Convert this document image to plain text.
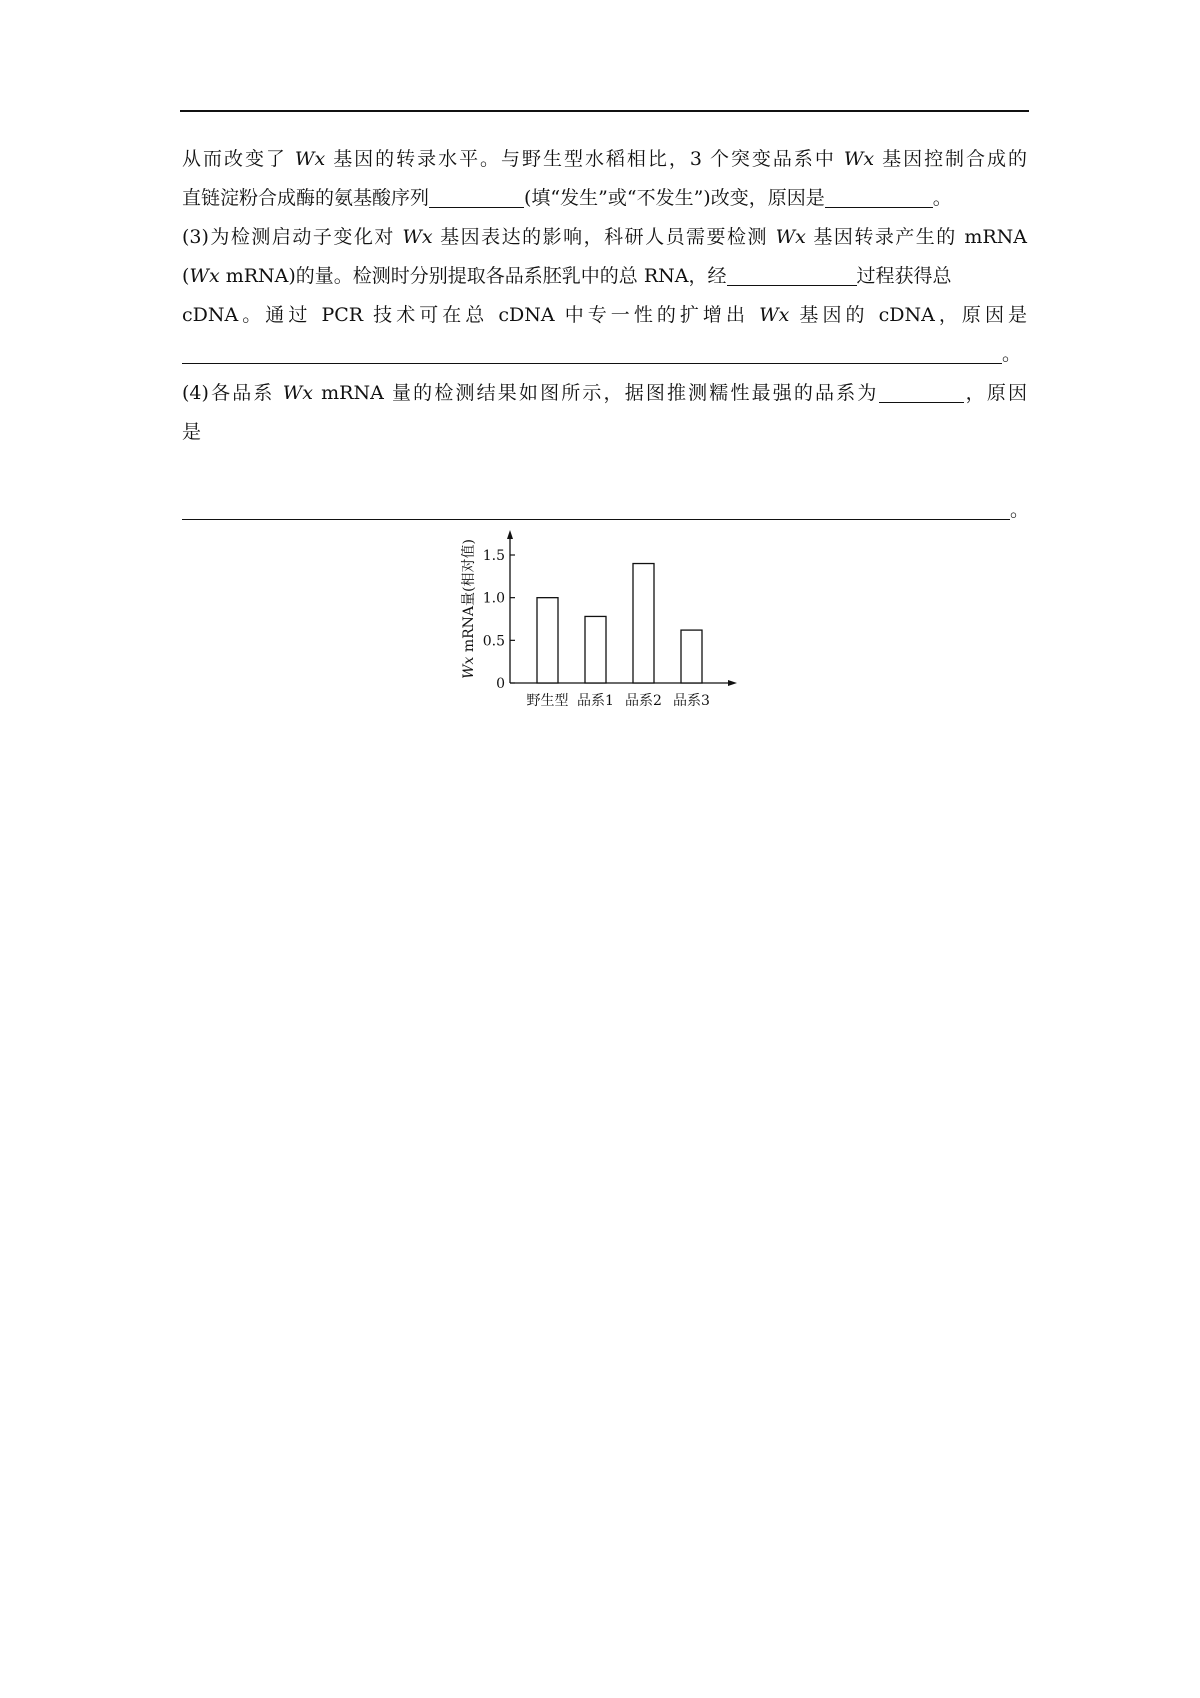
从而改变了 Wx 基因的转录水平。与野生型水稻相比，3 个突变品系中 Wx 基因控制合成的
直链淀粉合成酶的氨基酸序列	(填“发生”或“不发生”)改变，原因是	。
(3)为检测启动子变化对 Wx 基因表达的影响，科研人员需要检测 Wx 基因转录产生的 mRNA
(Wx mRNA)的量。检测时分别提取各品系胚乳中的总 RNA，经	过程获得总
cDNA。通过 PCR 技术可在总 cDNA 中专一性的扩增出 Wx 基因的 cDNA，原因是
。
(4)各品系 Wx mRNA 量的检测结果如图所示，据图推测糯性最强的品系为	，原因
是
。
0
0.5
1.0
1.5
野生型 品系1 品系2 品系3
Wx mRNA量(相对值)
